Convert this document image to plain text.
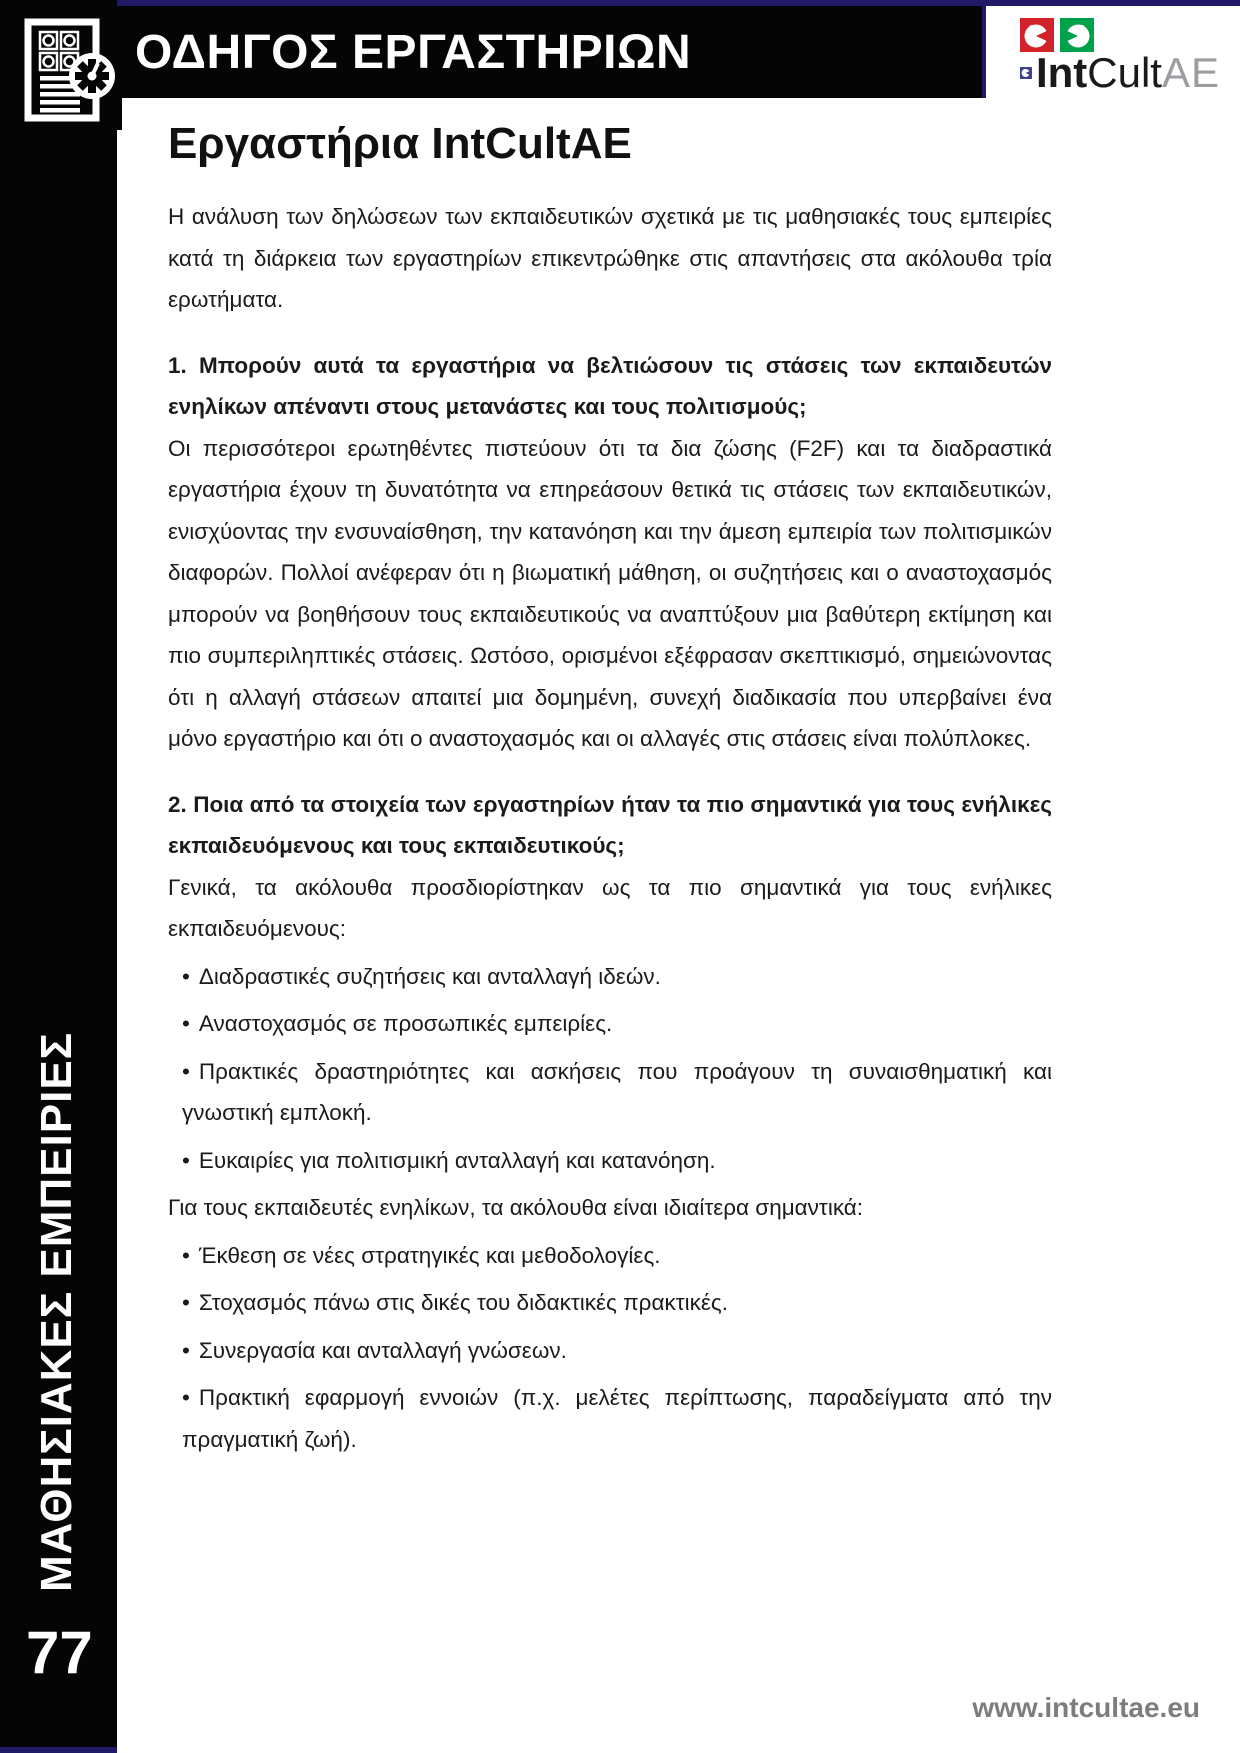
ΟΔΗΓΟΣ ΕΡΓΑΣΤΗΡΙΩΝ	IntCultAE
Εργαστήρια IntCultAE

Η ανάλυση των δηλώσεων των εκπαιδευτικών σχετικά με τις μαθησιακές τους εμπειρίες κατά τη διάρκεια των εργαστηρίων επικεντρώθηκε στις απαντήσεις στα ακόλουθα τρία ερωτήματα.

1. Μπορούν αυτά τα εργαστήρια να βελτιώσουν τις στάσεις των εκπαιδευτών ενηλίκων απέναντι στους μετανάστες και τους πολιτισμούς;

Οι περισσότεροι ερωτηθέντες πιστεύουν ότι τα δια ζώσης (F2F) και τα διαδραστικά εργαστήρια έχουν τη δυνατότητα να επηρεάσουν θετικά τις στάσεις των εκπαιδευτικών, ενισχύοντας την ενσυναίσθηση, την κατανόηση και την άμεση εμπειρία των πολιτισμικών διαφορών. Πολλοί ανέφεραν ότι η βιωματική μάθηση, οι συζητήσεις και ο αναστοχασμός μπορούν να βοηθήσουν τους εκπαιδευτικούς να αναπτύξουν μια βαθύτερη εκτίμηση και πιο συμπεριληπτικές στάσεις. Ωστόσο, ορισμένοι εξέφρασαν σκεπτικισμό, σημειώνοντας ότι η αλλαγή στάσεων απαιτεί μια δομημένη, συνεχή διαδικασία που υπερβαίνει ένα μόνο εργαστήριο και ότι ο αναστοχασμός και οι αλλαγές στις στάσεις είναι πολύπλοκες.

2. Ποια από τα στοιχεία των εργαστηρίων ήταν τα πιο σημαντικά για τους ενήλικες εκπαιδευόμενους και τους εκπαιδευτικούς;

Γενικά, τα ακόλουθα προσδιορίστηκαν ως τα πιο σημαντικά για τους ενήλικες εκπαιδευόμενους:

• Διαδραστικές συζητήσεις και ανταλλαγή ιδεών.
• Αναστοχασμός σε προσωπικές εμπειρίες.
• Πρακτικές δραστηριότητες και ασκήσεις που προάγουν τη συναισθηματική και γνωστική εμπλοκή.
• Ευκαιρίες για πολιτισμική ανταλλαγή και κατανόηση.

Για τους εκπαιδευτές ενηλίκων, τα ακόλουθα είναι ιδιαίτερα σημαντικά:

• Έκθεση σε νέες στρατηγικές και μεθοδολογίες.
• Στοχασμός πάνω στις δικές του διδακτικές πρακτικές.
• Συνεργασία και ανταλλαγή γνώσεων.
• Πρακτική εφαρμογή εννοιών (π.χ. μελέτες περίπτωσης, παραδείγματα από την πραγματική ζωή).
ΜΑΘΗΣΙΑΚΕΣ ΕΜΠΕΙΡΙΕΣ
77
www.intcultae.eu
